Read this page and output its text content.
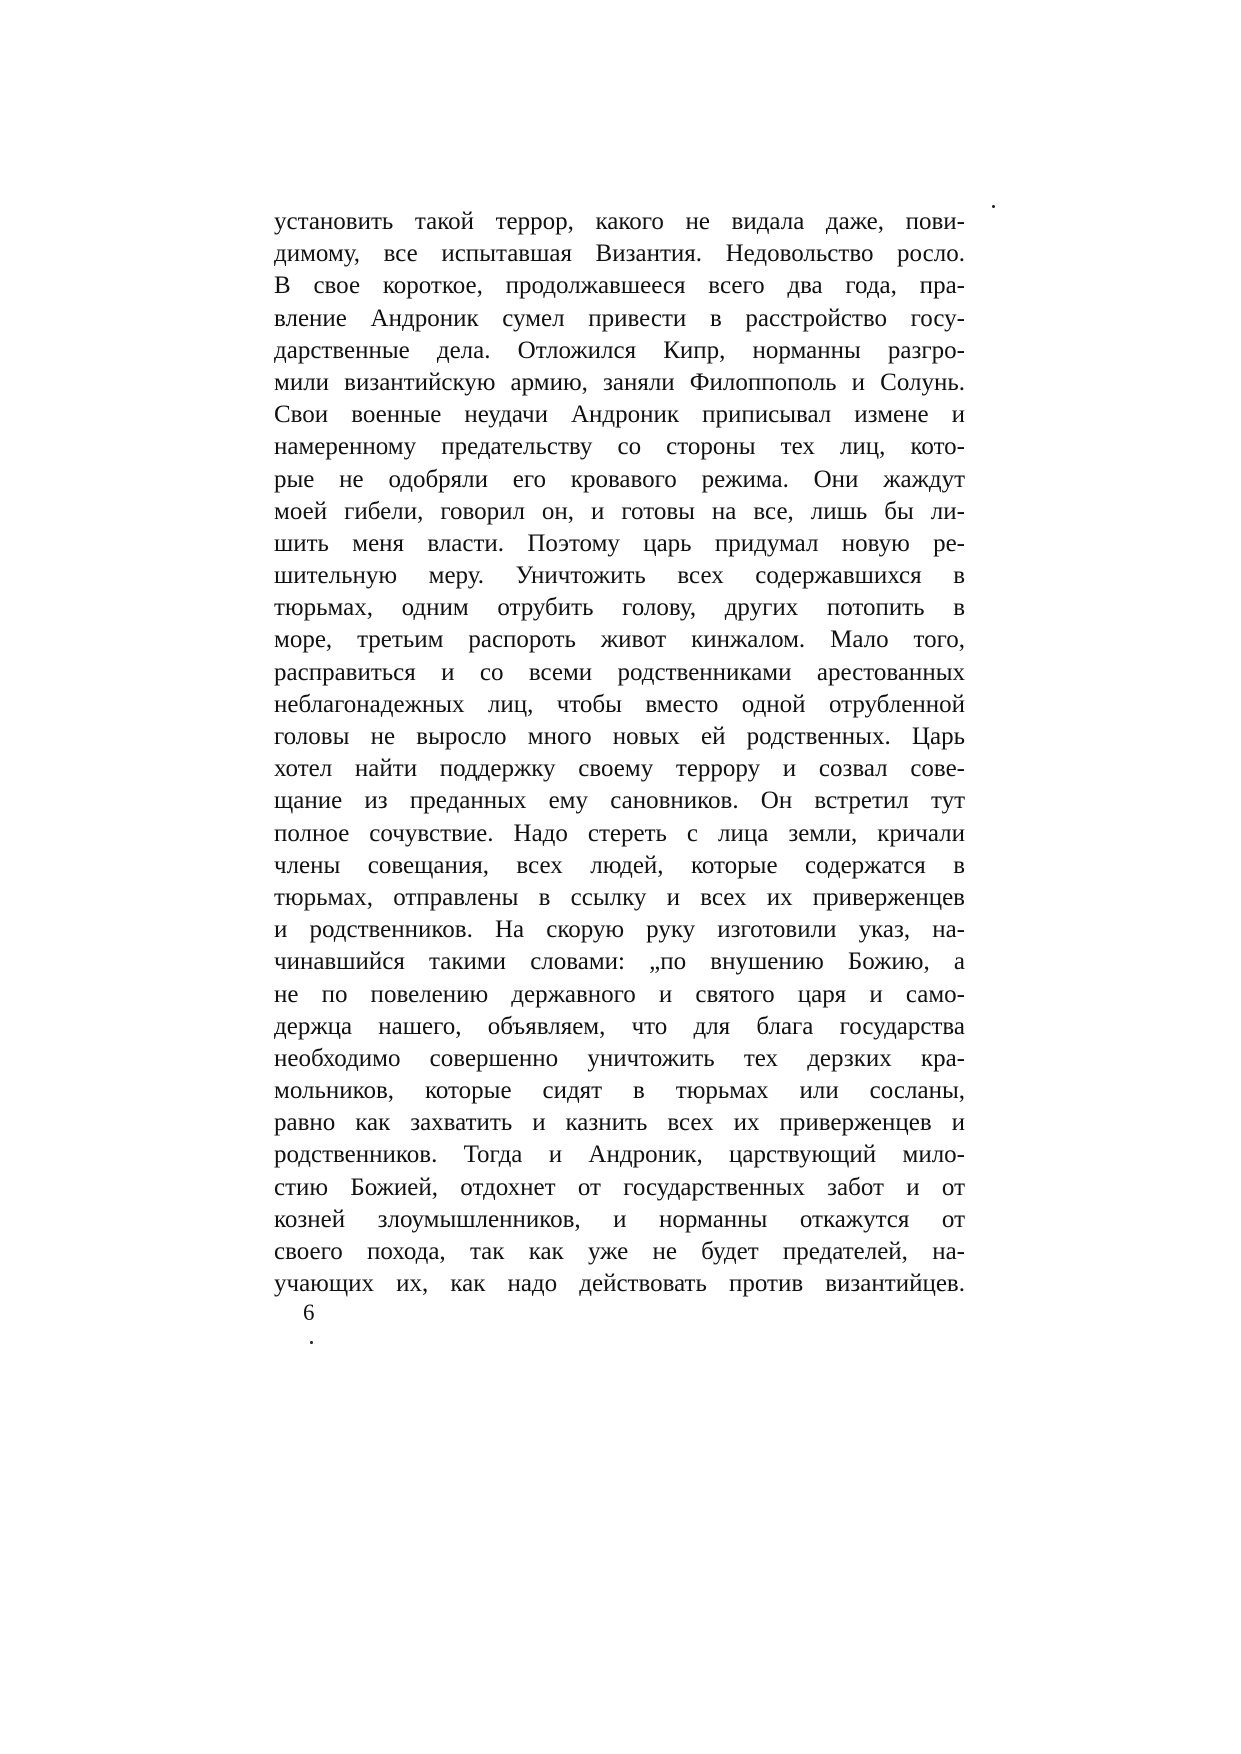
установить такой террор, какого не видала даже, пови-
димому, все испытавшая Византия. Недовольство росло.
В свое короткое, продолжавшееся всего два года, пра-
вление Андроник сумел привести в расстройство госу-
дарственные дела. Отложился Кипр, норманны разгро-
мили византийскую армию, заняли Филоппополь и Солунь.
Свои военные неудачи Андроник приписывал измене и
намеренному предательству со стороны тех лиц, кото-
рые не одобряли его кровавого режима. Они жаждут
моей гибели, говорил он, и готовы на все, лишь бы ли-
шить меня власти. Поэтому царь придумал новую ре-
шительную меру. Уничтожить всех содержавшихся в
тюрьмах, одним отрубить голову, других потопить в
море, третьим распороть живот кинжалом. Мало того,
расправиться и со всеми родственниками арестованных
неблагонадежных лиц, чтобы вместо одной отрубленной
головы не выросло много новых ей родственных. Царь
хотел найти поддержку своему террору и созвал сове-
щание из преданных ему сановников. Он встретил тут
полное сочувствие. Надо стереть с лица земли, кричали
члены совещания, всех людей, которые содержатся в
тюрьмах, отправлены в ссылку и всех их приверженцев
и родственников. На скорую руку изготовили указ, на-
чинавшийся такими словами: „по внушению Божию, а
не по повелению державного и святого царя и само-
держца нашего, объявляем, что для блага государства
необходимо совершенно уничтожить тех дерзких кра-
мольников, которые сидят в тюрьмах или сосланы,
равно как захватить и казнить всех их приверженцев и
родственников. Тогда и Андроник, царствующий мило-
стию Божией, отдохнет от государственных забот и от
козней злоумышленников, и норманны откажутся от
своего похода, так как уже не будет предателей, на-
учающих их, как надо действовать против византийцев.
6
